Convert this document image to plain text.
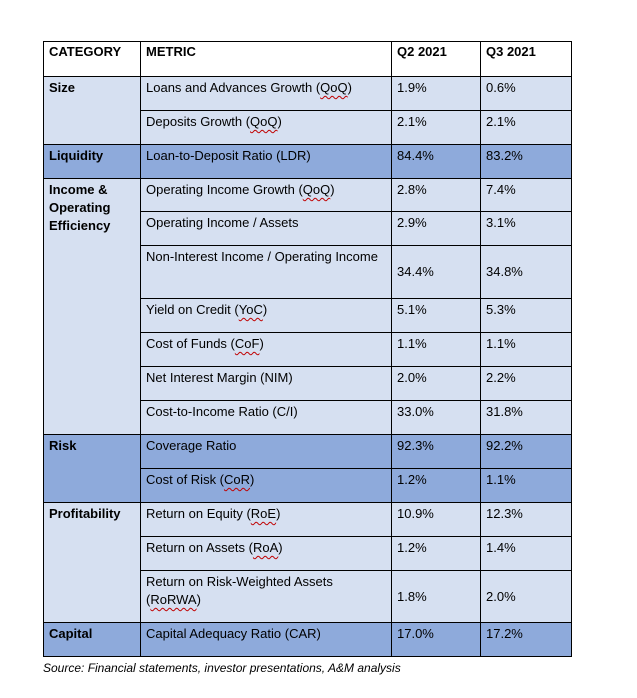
CATEGORY	METRIC	Q2 2021	Q3 2021
Size	Loans and Advances Growth (QoQ)	1.9%	0.6%
	Deposits Growth (QoQ)	2.1%	2.1%
Liquidity	Loan-to-Deposit Ratio (LDR)	84.4%	83.2%
Income & Operating Efficiency	Operating Income Growth (QoQ)	2.8%	7.4%
	Operating Income / Assets	2.9%	3.1%
	Non-Interest Income / Operating Income	34.4%	34.8%
	Yield on Credit (YoC)	5.1%	5.3%
	Cost of Funds (CoF)	1.1%	1.1%
	Net Interest Margin (NIM)	2.0%	2.2%
	Cost-to-Income Ratio (C/I)	33.0%	31.8%
Risk	Coverage Ratio	92.3%	92.2%
	Cost of Risk (CoR)	1.2%	1.1%
Profitability	Return on Equity (RoE)	10.9%	12.3%
	Return on Assets (RoA)	1.2%	1.4%
	Return on Risk-Weighted Assets (RoRWA)	1.8%	2.0%
Capital	Capital Adequacy Ratio (CAR)	17.0%	17.2%
Source: Financial statements, investor presentations, A&M analysis
